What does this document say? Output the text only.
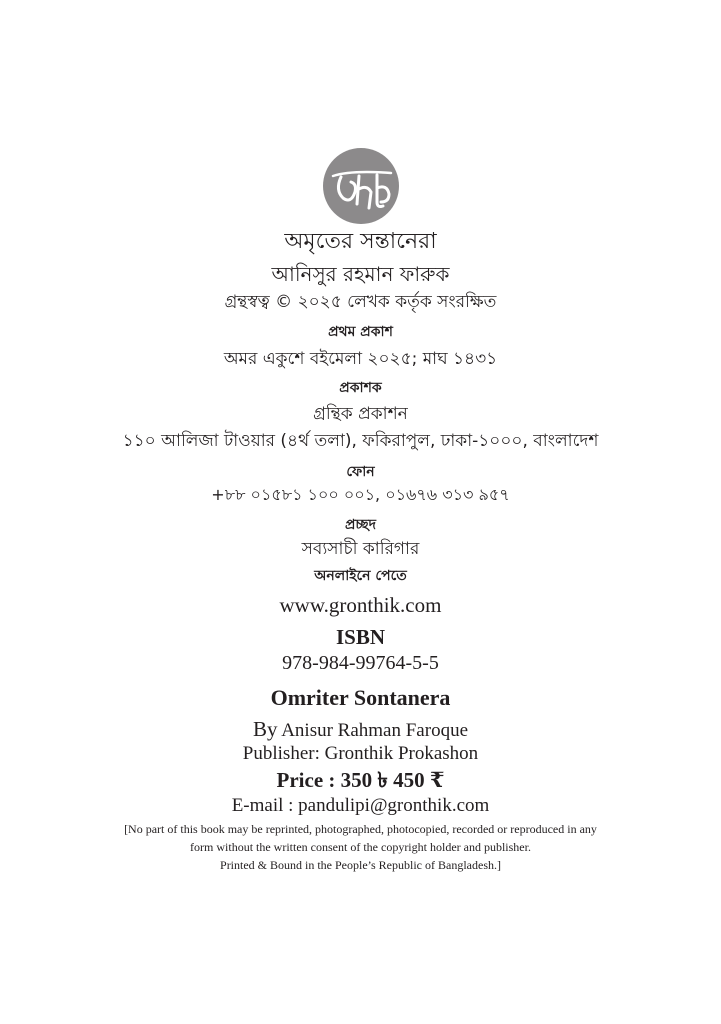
অমৃতের সন্তানেরা
আনিসুর রহমান ফারুক
গ্রন্থস্বত্ব © ২০২৫ লেখক কর্তৃক সংরক্ষিত
প্রথম প্রকাশ
অমর একুশে বইমেলা ২০২৫; মাঘ ১৪৩১
প্রকাশক
গ্রন্থিক প্রকাশন
১১০ আলিজা টাওয়ার (৪র্থ তলা), ফকিরাপুল, ঢাকা-১০০০, বাংলাদেশ
ফোন
+৮৮ ০১৫৮১ ১০০ ০০১, ০১৬৭৬ ৩১৩ ৯৫৭
প্রচ্ছদ
সব্যসাচী কারিগার
অনলাইনে পেতে
www.gronthik.com
ISBN
978-984-99764-5-5
Omriter Sontanera
By Anisur Rahman Faroque
Publisher: Gronthik Prokashon
Price : 350 ৳ 450 ₹
E-mail : pandulipi@gronthik.com
[No part of this book may be reprinted, photographed, photocopied, recorded or reproduced in any
form without the written consent of the copyright holder and publisher.
Printed & Bound in the People’s Republic of Bangladesh.]
